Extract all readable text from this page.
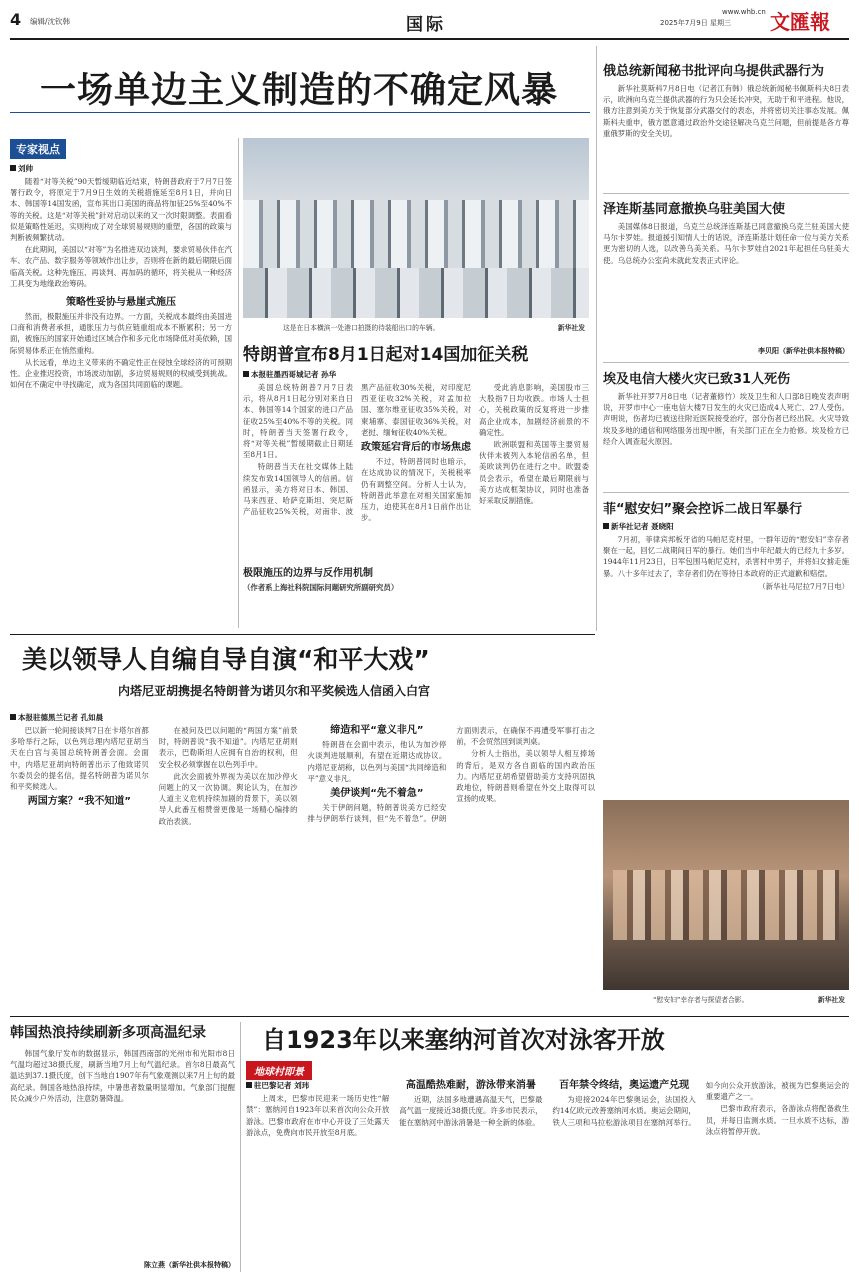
4 编辑/沈钦韩	国际
www.whb.cn
2025年7月9日 星期三 文匯報
一场单边主义制造的不确定风暴
专家视点
刘帅

随着“对等关税”90天暂缓期临近结束，特朗普政府于7月7日签署行政令，将原定于7月9日生效的关税措施延至8月1日，并向日本、韩国等14国发函，宣布其出口美国的商品将加征25%至40%不等的关税。这是“对等关税”針对启动以来的又一次时限调整。表面看似是策略性延迟，实则构成了对全球贸易规则的重塑，各国的政策与判断被频繁扰动。

在此期间，美国以“对等”为名推进双边谈判，要求贸易伙伴在汽车、农产品、数字服务等领域作出让步，否则将在新的最后期限后面临高关税。这种先施压、再谈判、再加码的循环，将关税从一种经济工具变为地缘政治筹码。

策略性妥协与悬崖式施压

然而，极限施压并非没有边界。一方面，关税成本最终由美国进口商和消费者承担，通胀压力与供应链重组成本不断累积；另一方面，被施压的国家开始通过区域合作和多元化市场降低对美依赖，国际贸易体系正在悄然重构。

从长远看，单边主义带来的不确定性正在侵蚀全球经济的可预期性。企业推迟投资，市场波动加剧，多边贸易规则的权威受到挑战。如何在不确定中寻找确定，成为各国共同面临的课题。

这是在日本横滨一处港口拍摄的待装船出口的车辆。	新华社发
特朗普宣布8月1日起对14国加征关税
本报驻墨西哥城记者 孙华

美国总统特朗普7月7日表示，将从8月1日起分别对来自日本、韩国等14个国家的进口产品征收25%至40%不等的关税。同时，特朗普当天签署行政令，将“对等关税”暂缓期截止日期延至8月1日。

特朗普当天在社交媒体上陆续发布致14国领导人的信函。信函显示，美方将对日本、韩国、马来西亚、哈萨克斯坦、突尼斯产品征收25%关税，对南非、波黑产品征收30%关税，对印度尼西亚征收32%关税，对孟加拉国、塞尔维亚征收35%关税，对柬埔寨、泰国征收36%关税，对老挝、缅甸征收40%关税。

政策延宕背后的市场焦虑

不过，特朗普同时也暗示，在达成协议的情况下，关税税率仍有调整空间。分析人士认为，特朗普此举意在对相关国家施加压力，迫使其在8月1日前作出让步。

受此消息影响，美国股市三大股指7日均收跌。市场人士担心，关税政策的反复将进一步推高企业成本，加剧经济前景的不确定性。

欧洲联盟和英国等主要贸易伙伴未被列入本轮信函名单，但美欧谈判仍在进行之中。欧盟委员会表示，希望在最后期限前与美方达成框架协议，同时也准备好采取反制措施。

极限施压的边界与反作用机制
（作者系上海社科院国际问题研究所副研究员）
俄总统新闻秘书批评向乌提供武器行为

新华社莫斯科7月8日电（记者江有韩）俄总统新闻秘书佩斯科夫8日表示，欧洲向乌克兰提供武器的行为只会延长冲突，无助于和平进程。他说，俄方注意到美方关于恢复部分武器交付的表态，并将密切关注事态发展。佩斯科夫重申，俄方愿意通过政治外交途径解决乌克兰问题，但前提是各方尊重俄罗斯的安全关切。

泽连斯基同意撤换乌驻美国大使

美国媒体8日报道，乌克兰总统泽连斯基已同意撤换乌克兰驻美国大使马尔卡罗娃。报道援引知情人士的话说，泽连斯基计划任命一位与美方关系更为密切的人选，以改善乌美关系。马尔卡罗娃自2021年起担任乌驻美大使。乌总统办公室尚未就此发表正式评论。

李贝阳（新华社供本报特稿）
埃及电信大楼火灾已致31人死伤

新华社开罗7月8日电（记者董修竹）埃及卫生和人口部8日晚发表声明说，开罗市中心一座电信大楼7日发生的火灾已造成4人死亡、27人受伤。声明说，伤者均已被送往附近医院接受治疗，部分伤者已经出院。火灾导致埃及多地的通信和网络服务出现中断，有关部门正在全力抢修。埃及检方已经介入调查起火原因。

菲“慰安妇”聚会控诉二战日军暴行
新华社记者 聂晓阳

7月初，菲律宾邦板牙省的马帕尼克村里，一群年迈的“慰安妇”幸存者聚在一起，回忆二战期间日军的暴行。她们当中年纪最大的已经九十多岁。1944年11月23日，日军包围马帕尼克村，杀害村中男子，并将妇女掳走施暴。八十多年过去了，幸存者们仍在等待日本政府的正式道歉和赔偿。

（新华社马尼拉7月7日电）
“慰安妇”幸存者与探望者合影。	新华社发
美以领导人自编自导自演“和平大戏”
内塔尼亚胡携提名特朗普为诺贝尔和平奖候选人信函入白宫
本报驻德黑兰记者 孔如晨

巴以新一轮间接谈判7日在卡塔尔首都多哈举行之际，以色列总理内塔尼亚胡当天在白宫与美国总统特朗普会面。会面中，内塔尼亚胡向特朗普出示了他致诺贝尔委员会的提名信，提名特朗普为诺贝尔和平奖候选人。

两国方案？“我不知道”

在被问及巴以问题的“两国方案”前景时，特朗普说“我不知道”。内塔尼亚胡则表示，巴勒斯坦人应拥有自治的权利，但安全权必须掌握在以色列手中。

此次会面被外界视为美以在加沙停火问题上的又一次协调。舆论认为，在加沙人道主义危机持续加剧的背景下，美以领导人此番互相赞誉更像是一场精心编排的政治表演。

缔造和平“意义非凡”

特朗普在会面中表示，他认为加沙停火谈判进展顺利，有望在近期达成协议。内塔尼亚胡称，以色列与美国“共同缔造和平”意义非凡。

美伊谈判“先不着急”

关于伊朗问题，特朗普说美方已经安排与伊朗举行谈判，但“先不着急”。伊朗方面则表示，在确保不再遭受军事打击之前，不会贸然回到谈判桌。

分析人士指出，美以领导人相互捧场的背后，是双方各自面临的国内政治压力。内塔尼亚胡希望借助美方支持巩固执政地位，特朗普则希望在外交上取得可以宣扬的成果。

韩国热浪持续刷新多项高温纪录

韩国气象厅发布的数据显示，韩国西南部的光州市和光阳市8日气温均超过38摄氏度，刷新当地7月上旬气温纪录。首尔8日最高气温达到37.1摄氏度，创下当地自1907年有气象观测以来7月上旬的最高纪录。韩国各地热浪持续，中暑患者数量明显增加。气象部门提醒民众减少户外活动，注意防暑降温。

陈立燕（新华社供本报特稿）
自1923年以来塞纳河首次对泳客开放
地球村即景
驻巴黎记者 刘玮

上周末，巴黎市民迎来一场历史性“解禁”：塞纳河自1923年以来首次向公众开放游泳。巴黎市政府在市中心开设了三处露天游泳点，免费向市民开放至8月底。

高温酷热难耐，游泳带来消暑

近期，法国多地遭遇高温天气，巴黎最高气温一度接近38摄氏度。许多市民表示，能在塞纳河中游泳消暑是一种全新的体验。

百年禁令终结，奥运遗产兑现

为迎接2024年巴黎奥运会，法国投入约14亿欧元改善塞纳河水质。奥运会期间，铁人三项和马拉松游泳项目在塞纳河举行。如今向公众开放游泳，被视为巴黎奥运会的重要遗产之一。

巴黎市政府表示，各游泳点将配备救生员，并每日监测水质。一旦水质不达标，游泳点将暂停开放。
